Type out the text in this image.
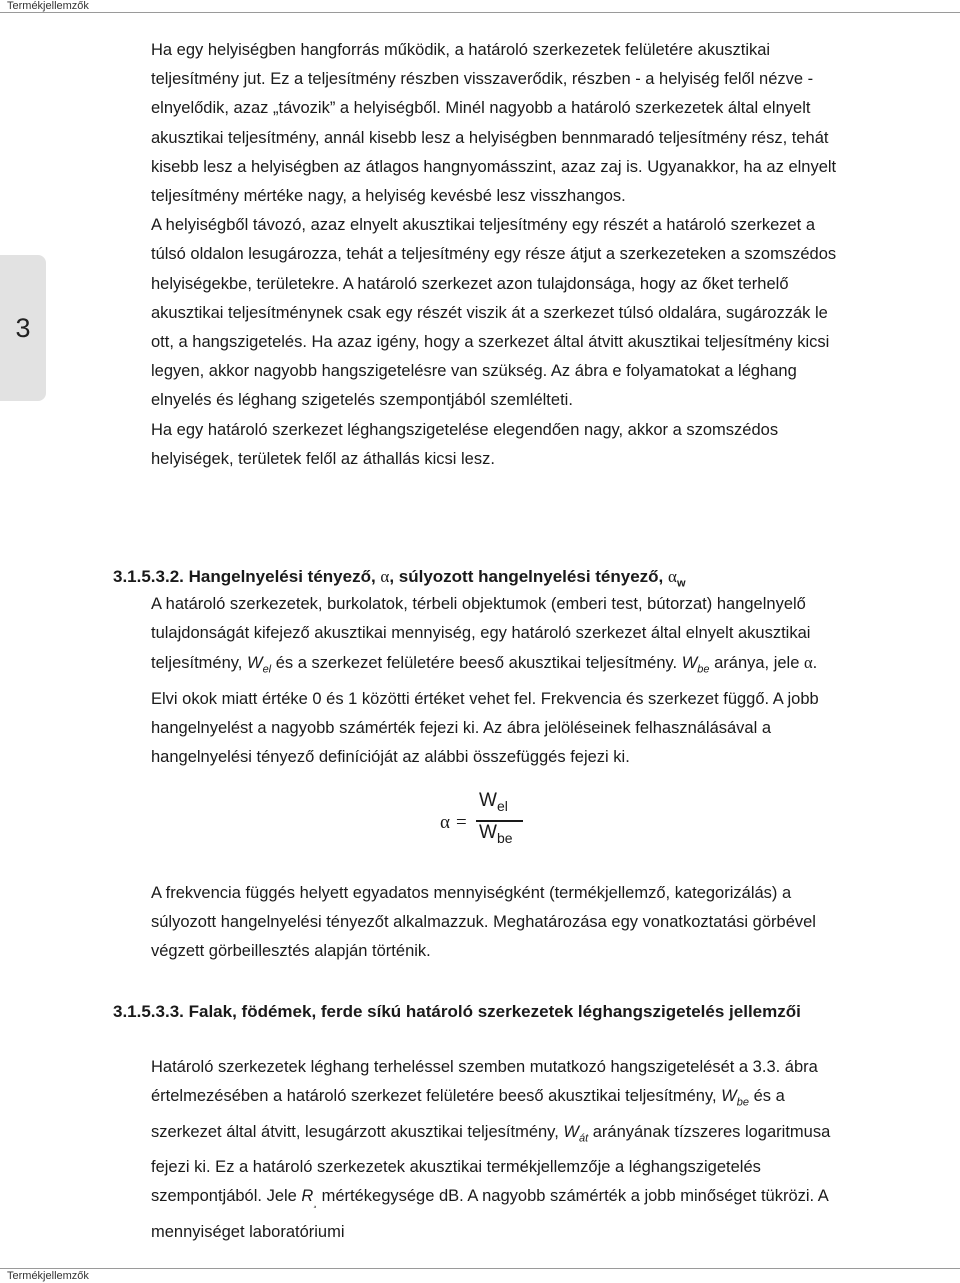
Termékjellemzők
3

Ha egy helyiségben hangforrás működik, a határoló szerkezetek felületére akusztikai teljesítmény jut. Ez a teljesítmény részben visszaverődik, részben - a helyiség felől nézve - elnyelődik, azaz „távozik” a helyiségből. Minél nagyobb a határoló szerkezetek által elnyelt akusztikai teljesítmény, annál kisebb lesz a helyiségben bennmaradó teljesítmény rész, tehát kisebb lesz a helyiségben az átlagos hangnyomásszint, azaz zaj is. Ugyanakkor, ha az elnyelt teljesítmény mértéke nagy, a helyiség kevésbé lesz visszhangos.
A helyiségből távozó, azaz elnyelt akusztikai teljesítmény egy részét a határoló szerkezet a túlsó oldalon lesugározza, tehát a teljesítmény egy része átjut a szerkezeteken a szomszédos helyiségekbe, területekre. A határoló szerkezet azon tulajdonsága, hogy az őket terhelő akusztikai teljesítménynek csak egy részét viszik át a szerkezet túlsó oldalára, sugározzák le ott, a hangszigetelés. Ha azaz igény, hogy a szerkezet által átvitt akusztikai teljesítmény kicsi legyen, akkor nagyobb hangszigetelésre van szükség. Az ábra e folyamatokat a léghang elnyelés és léghang szigetelés szempontjából szemlélteti.
Ha egy határoló szerkezet léghangszigetelése elegendően nagy, akkor a szomszédos helyiségek, területek felől az áthallás kicsi lesz.

3.1.5.3.2. Hangelnyelési tényező, α, súlyozott hangelnyelési tényező, $\alpha_w$

A határoló szerkezetek, burkolatok, térbeli objektumok (emberi test, bútorzat) hangelnyelő tulajdonságát kifejező akusztikai mennyiség, egy határoló szerkezet által elnyelt akusztikai teljesítmény, $W_{el}$ és a szerkezet felületére beeső akusztikai teljesítmény. $W_{be}$ aránya, jele α. Elvi okok miatt értéke 0 és 1 közötti értéket vehet fel. Frekvencia és szerkezet függő. A jobb hangelnyelést a nagyobb számérték fejezi ki. Az ábra jelöléseinek felhasználásával a hangelnyelési tényező definícióját az alábbi összefüggés fejezi ki.

α =
$W_{el}$
$W_{be}$

A frekvencia függés helyett egyadatos mennyiségként (termékjellemző, kategorizálás) a súlyozott hangelnyelési tényezőt alkalmazzuk. Meghatározása egy vonatkoztatási görbével végzett görbeillesztés alapján történik.

3.1.5.3.3. Falak, födémek, ferde síkú határoló szerkezetek léghangszigetelés jellemzői

Határoló szerkezetek léghang terheléssel szemben mutatkozó hangszigetelését a 3.3. ábra értelmezésében a határoló szerkezet felületére beeső akusztikai teljesítmény, $W_{be}$ és a szerkezet által átvitt, lesugárzott akusztikai teljesítmény, $W_{át}$ arányának tízszeres logaritmusa fejezi ki. Ez a határoló szerkezetek akusztikai termékjellemzője a léghangszigetelés szempontjából. Jele $R_¸$ mértékegysége dB. A nagyobb számérték a jobb minőséget tükrözi. A mennyiséget laboratóriumi

Termékjellemzők
